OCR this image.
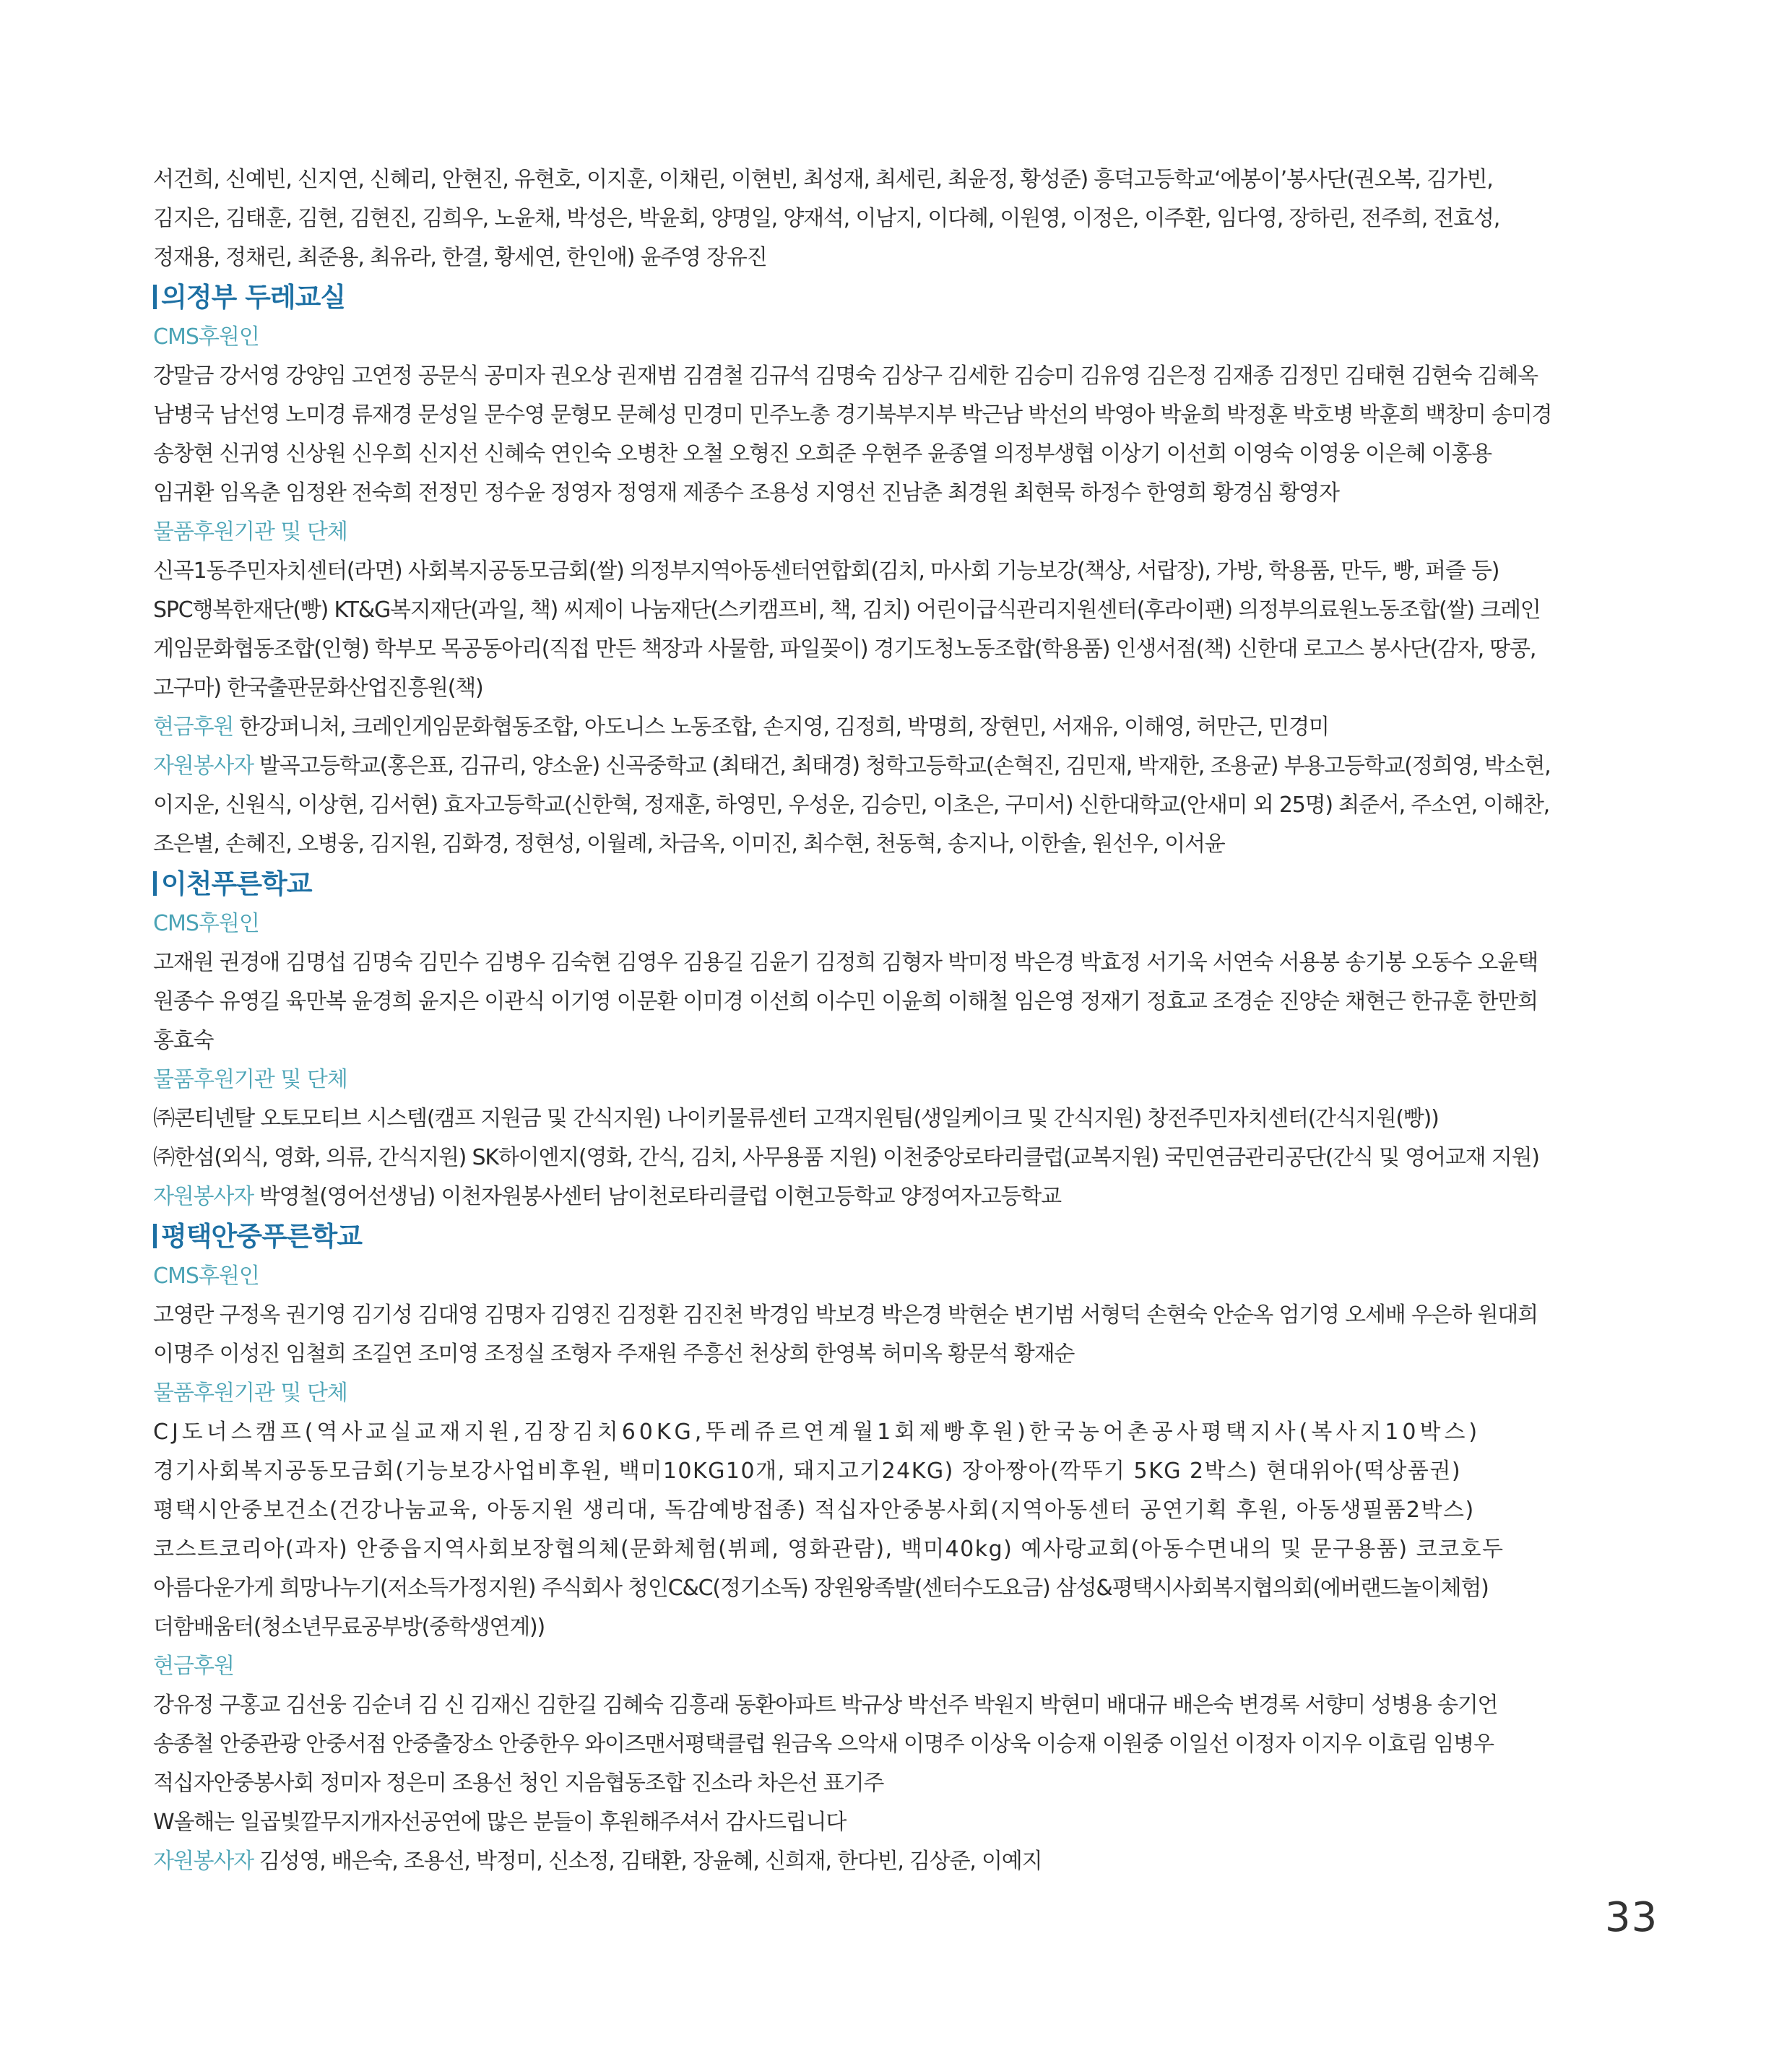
서건희, 신예빈, 신지연, 신혜리, 안현진, 유현호, 이지훈, 이채린, 이현빈, 최성재, 최세린, 최윤정, 황성준) 흥덕고등학교‘에봉이’봉사단(권오복, 김가빈,
김지은, 김태훈, 김현, 김현진, 김희우, 노윤채, 박성은, 박윤회, 양명일, 양재석, 이남지, 이다혜, 이원영, 이정은, 이주환, 임다영, 장하린, 전주희, 전효성,
정재용, 정채린, 최준용, 최유라, 한결, 황세연, 한인애) 윤주영 장유진
의정부 두레교실
CMS후원인
강말금 강서영 강양임 고연정 공문식 공미자 권오상 권재범 김겸철 김규석 김명숙 김상구 김세한 김승미 김유영 김은정 김재종 김정민 김태현 김현숙 김혜옥
남병국 남선영 노미경 류재경 문성일 문수영 문형모 문혜성 민경미 민주노총 경기북부지부 박근남 박선의 박영아 박윤희 박정훈 박호병 박훈희 백창미 송미경
송창현 신귀영 신상원 신우희 신지선 신혜숙 연인숙 오병찬 오철 오형진 오희준 우현주 윤종열 의정부생협 이상기 이선희 이영숙 이영웅 이은혜 이홍용
임귀환 임옥춘 임정완 전숙희 전정민 정수윤 정영자 정영재 제종수 조용성 지영선 진남춘 최경원 최현묵 하정수 한영희 황경심 황영자
물품후원기관 및 단체
신곡1동주민자치센터(라면) 사회복지공동모금회(쌀) 의정부지역아동센터연합회(김치, 마사회 기능보강(책상, 서랍장), 가방, 학용품, 만두, 빵, 퍼즐 등)
SPC행복한재단(빵) KT&G복지재단(과일, 책) 씨제이 나눔재단(스키캠프비, 책, 김치) 어린이급식관리지원센터(후라이팬) 의정부의료원노동조합(쌀) 크레인
게임문화협동조합(인형) 학부모 목공동아리(직접 만든 책장과 사물함, 파일꽂이) 경기도청노동조합(학용품) 인생서점(책) 신한대 로고스 봉사단(감자, 땅콩,
고구마) 한국출판문화산업진흥원(책)
현금후원 한강퍼니처, 크레인게임문화협동조합, 아도니스 노동조합, 손지영, 김정희, 박명희, 장현민, 서재유, 이해영, 허만근, 민경미
자원봉사자 발곡고등학교(홍은표, 김규리, 양소윤) 신곡중학교 (최태건, 최태경) 청학고등학교(손혁진, 김민재, 박재한, 조용균) 부용고등학교(정희영, 박소현,
이지운, 신원식, 이상현, 김서현) 효자고등학교(신한혁, 정재훈, 하영민, 우성운, 김승민, 이초은, 구미서) 신한대학교(안새미 외 25명) 최준서, 주소연, 이해찬,
조은별, 손혜진, 오병웅, 김지원, 김화경, 정현성, 이월례, 차금옥, 이미진, 최수현, 천동혁, 송지나, 이한솔, 원선우, 이서윤
이천푸른학교
CMS후원인
고재원 권경애 김명섭 김명숙 김민수 김병우 김숙현 김영우 김용길 김윤기 김정희 김형자 박미정 박은경 박효정 서기욱 서연숙 서용봉 송기봉 오동수 오윤택
원종수 유영길 육만복 윤경희 윤지은 이관식 이기영 이문환 이미경 이선희 이수민 이윤희 이해철 임은영 정재기 정효교 조경순 진양순 채현근 한규훈 한만희
홍효숙
물품후원기관 및 단체
㈜콘티넨탈 오토모티브 시스템(캠프 지원금 및 간식지원) 나이키물류센터 고객지원팀(생일케이크 및 간식지원) 창전주민자치센터(간식지원(빵))
㈜한섬(외식, 영화, 의류, 간식지원) SK하이엔지(영화, 간식, 김치, 사무용품 지원) 이천중앙로타리클럽(교복지원) 국민연금관리공단(간식 및 영어교재 지원)
자원봉사자 박영철(영어선생님) 이천자원봉사센터 남이천로타리클럽 이현고등학교 양정여자고등학교
평택안중푸른학교
CMS후원인
고영란 구정옥 권기영 김기성 김대영 김명자 김영진 김정환 김진천 박경임 박보경 박은경 박현순 변기범 서형덕 손현숙 안순옥 엄기영 오세배 우은하 원대희
이명주 이성진 임철희 조길연 조미영 조정실 조형자 주재원 주흥선 천상희 한영복 허미옥 황문석 황재순
물품후원기관 및 단체
CJ도너스캠프(역사교실교재지원,김장김치60KG,뚜레쥬르연계월1회제빵후원)한국농어촌공사평택지사(복사지10박스)
경기사회복지공동모금회(기능보강사업비후원, 백미10KG10개, 돼지고기24KG) 장아짱아(깍뚜기 5KG 2박스) 현대위아(떡상품권)
평택시안중보건소(건강나눔교육, 아동지원 생리대, 독감예방접종) 적십자안중봉사회(지역아동센터 공연기획 후원, 아동생필품2박스)
코스트코리아(과자) 안중읍지역사회보장협의체(문화체험(뷔페, 영화관람), 백미40kg) 예사랑교회(아동수면내의 및 문구용품) 코코호두
아름다운가게 희망나누기(저소득가정지원) 주식회사 청인C&C(정기소독) 장원왕족발(센터수도요금) 삼성&평택시사회복지협의회(에버랜드놀이체험)
더함배움터(청소년무료공부방(중학생연계))
현금후원
강유정 구홍교 김선웅 김순녀 김 신 김재신 김한길 김혜숙 김흥래 동환아파트 박규상 박선주 박원지 박현미 배대규 배은숙 변경록 서향미 성병용 송기언
송종철 안중관광 안중서점 안중출장소 안중한우 와이즈맨서평택클럽 원금옥 으악새 이명주 이상욱 이승재 이원중 이일선 이정자 이지우 이효림 임병우
적십자안중봉사회 정미자 정은미 조용선 청인 지음협동조합 진소라 차은선 표기주
W올해는 일곱빛깔무지개자선공연에 많은 분들이 후원해주셔서 감사드립니다
자원봉사자 김성영, 배은숙, 조용선, 박정미, 신소정, 김태환, 장윤혜, 신희재, 한다빈, 김상준, 이예지
33
